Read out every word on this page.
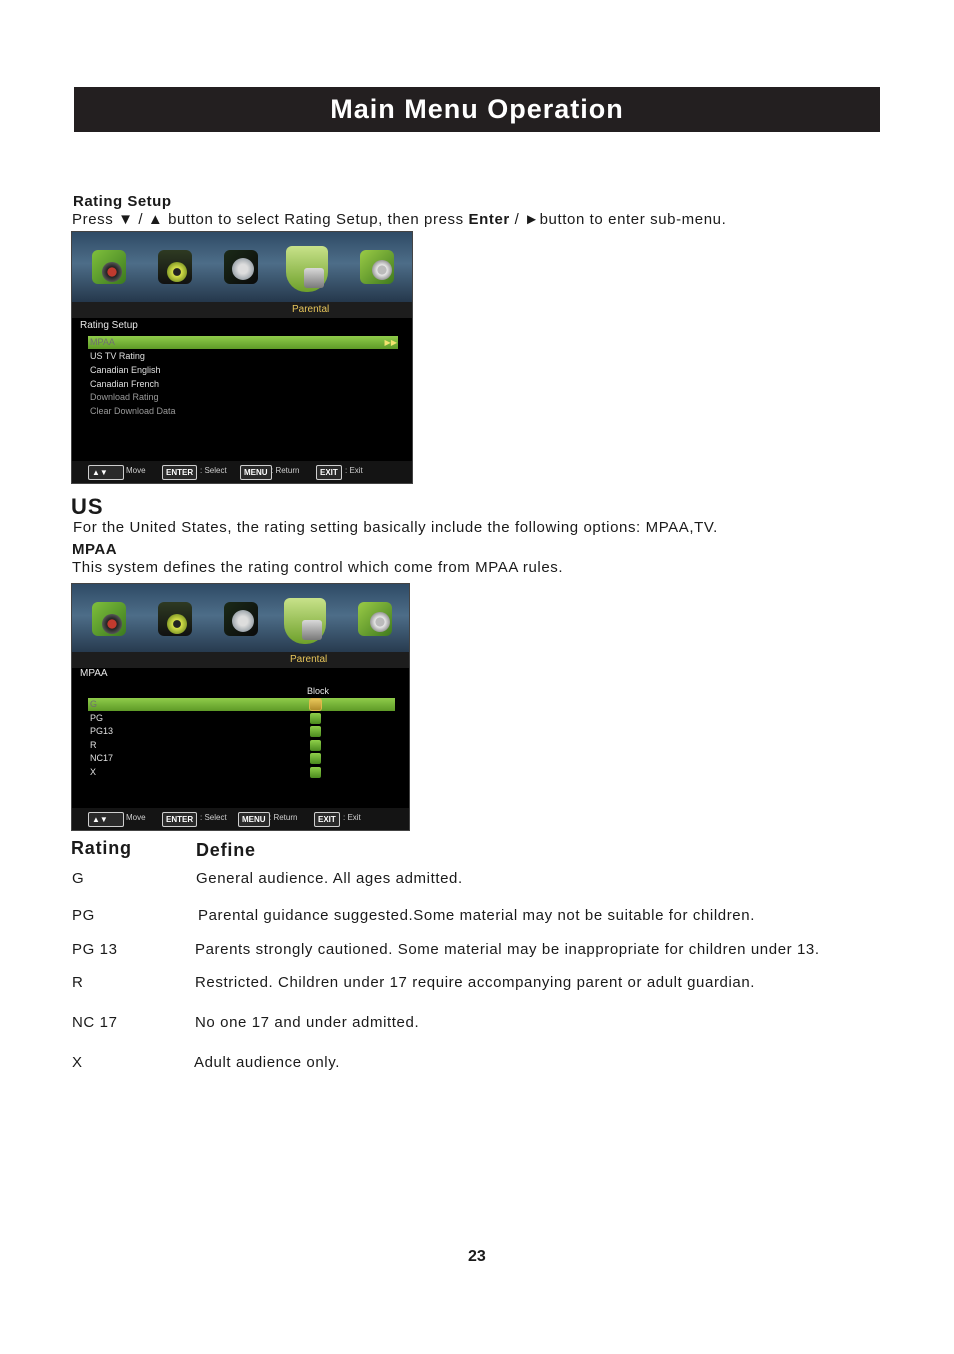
Main Menu Operation
Rating Setup
Press ▼ / ▲ button to select Rating Setup, then press Enter / ►button to enter sub-menu.
Parental
Rating Setup
MPAA	▶ ▶
US TV Rating
Canadian English
Canadian French
Download Rating
Clear Download Data
▲▼	Move	ENTER : Select	MENU : Return	EXIT : Exit
US
For the United States, the rating setting basically include the following options: MPAA,TV.
MPAA
This system defines the rating control which come from MPAA rules.
Parental
MPAA
Block
G
PG
PG13
R
NC17
X
▲▼	Move	ENTER : Select	MENU : Return	EXIT : Exit
Rating	Define
G	General audience. All ages admitted.
PG	Parental guidance suggested.Some material may not be suitable for children.
PG 13	Parents strongly cautioned. Some material may be inappropriate for children under 13.
R	Restricted. Children under 17 require accompanying parent or adult guardian.
NC 17	No one 17 and under admitted.
X	Adult audience only.
23
